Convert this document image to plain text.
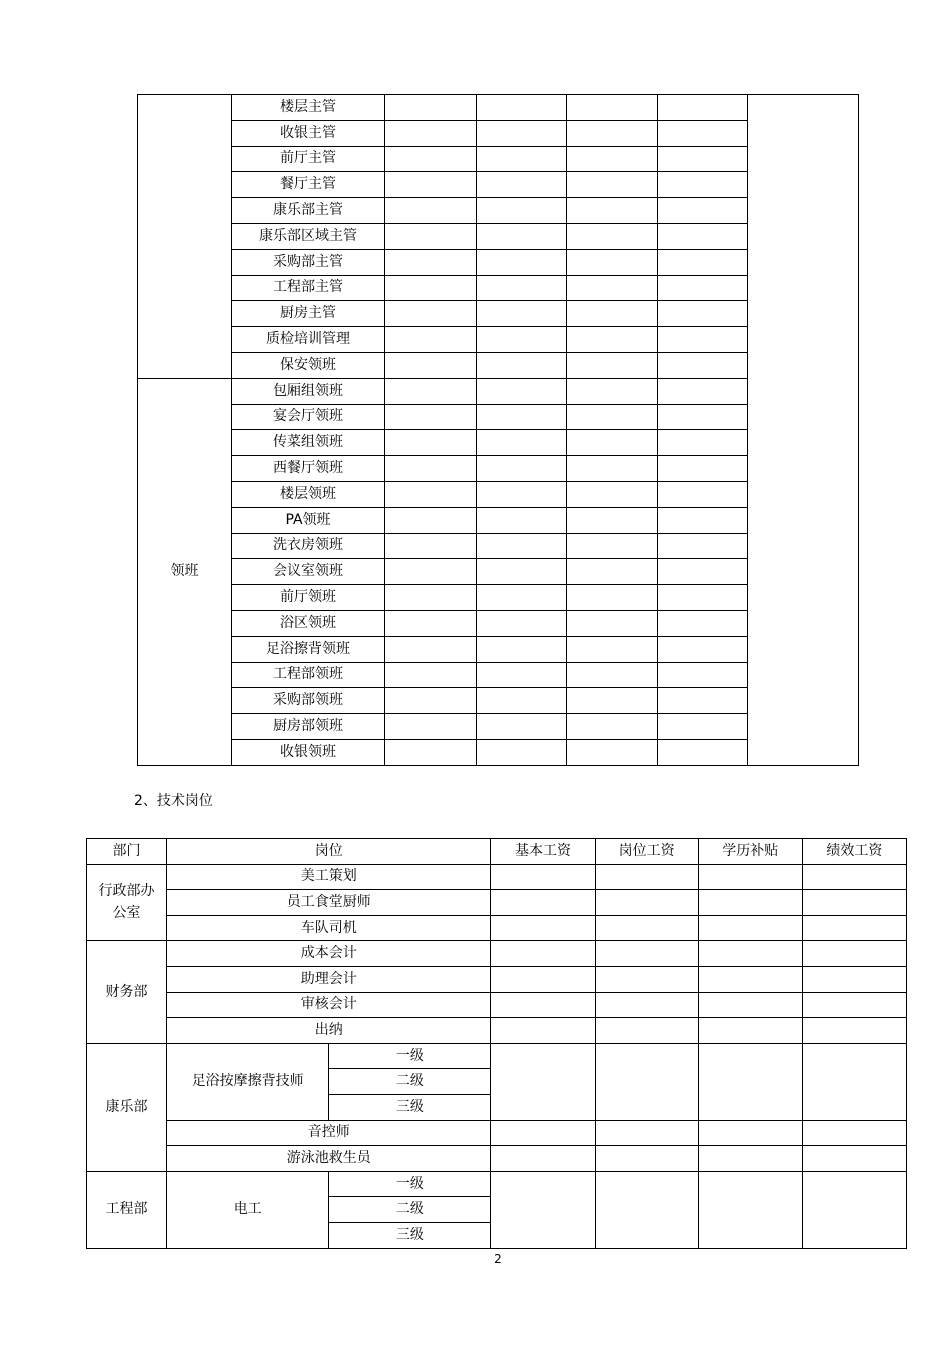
	楼层主管					
	收银主管					
	前厅主管					
	餐厅主管					
	康乐部主管					
	康乐部区域主管					
	采购部主管					
	工程部主管					
	厨房主管					
	质检培训管理					
	保安领班					
领班	包厢组领班					
	宴会厅领班					
	传菜组领班					
	西餐厅领班					
	楼层领班					
	PA领班					
	洗衣房领班					
	会议室领班					
	前厅领班					
	浴区领班					
	足浴擦背领班					
	工程部领班					
	采购部领班					
	厨房部领班					
	收银领班					
2、技术岗位
部门	岗位		基本工资	岗位工资	学历补贴	绩效工资
行政部办公室	美工策划					
	员工食堂厨师					
	车队司机					
财务部	成本会计					
	助理会计					
	审核会计					
	出纳					
康乐部	足浴按摩擦背技师	一级				
		二级				
		三级				
	音控师					
	游泳池救生员					
工程部	电工	一级				
		二级				
		三级				
2
